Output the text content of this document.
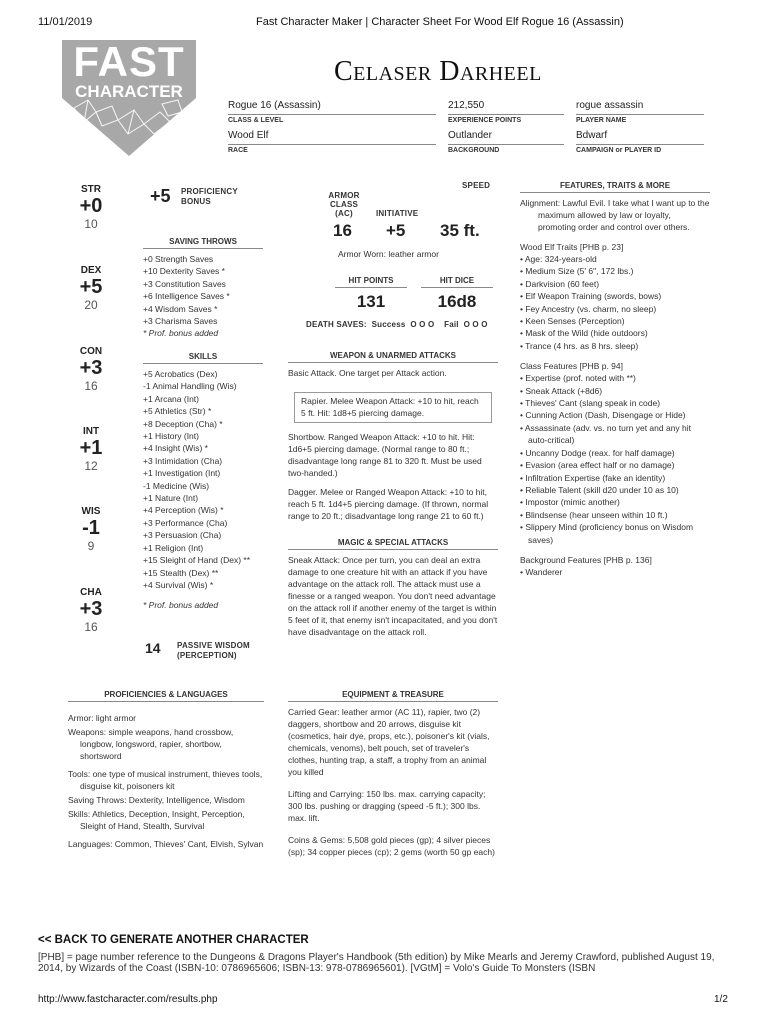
11/01/2019	Fast Character Maker | Character Sheet For Wood Elf Rogue 16 (Assassin)
FAST
CHARACTER
Celaser Darheel
Rogue 16 (Assassin)
CLASS & LEVEL
212,550
EXPERIENCE POINTS
rogue assassin
PLAYER NAME
Wood Elf
RACE
Outlander
BACKGROUND
Bdwarf
CAMPAIGN or PLAYER ID
STR
+0
10
DEX
+5
20
CON
+3
16
INT
+1
12
WIS
-1
9
CHA
+3
16
+5 PROFICIENCY
BONUS
SAVING THROWS
+0 Strength Saves
+10 Dexterity Saves *
+3 Constitution Saves
+6 Intelligence Saves *
+4 Wisdom Saves *
+3 Charisma Saves
* Prof. bonus added
SKILLS
+5 Acrobatics (Dex)
-1 Animal Handling (Wis)
+1 Arcana (Int)
+5 Athletics (Str) *
+8 Deception (Cha) *
+1 History (Int)
+4 Insight (Wis) *
+3 Intimidation (Cha)
+1 Investigation (Int)
-1 Medicine (Wis)
+1 Nature (Int)
+4 Perception (Wis) *
+3 Performance (Cha)
+3 Persuasion (Cha)
+1 Religion (Int)
+15 Sleight of Hand (Dex) **
+15 Stealth (Dex) **
+4 Survival (Wis) *
* Prof. bonus added
14 PASSIVE WISDOM
(PERCEPTION)
SPEED
ARMOR CLASS (AC)	INITIATIVE
16 +5 35 ft.
Armor Worn: leather armor
HIT POINTS
131
HIT DICE
16d8
DEATH SAVES:  Success  O O O    Fail  O O O
WEAPON & UNARMED ATTACKS
Basic Attack. One target per Attack action.
Rapier. Melee Weapon Attack: +10 to hit, reach 5 ft. Hit: 1d8+5 piercing damage.
Shortbow. Ranged Weapon Attack: +10 to hit. Hit: 1d6+5 piercing damage. (Normal range to 80 ft.; disadvantage long range 81 to 320 ft. Must be used two-handed.)
Dagger. Melee or Ranged Weapon Attack: +10 to hit, reach 5 ft. 1d4+5 piercing damage. (If thrown, normal range to 20 ft.; disadvantage long range 21 to 60 ft.)
MAGIC & SPECIAL ATTACKS
Sneak Attack: Once per turn, you can deal an extra damage to one creature hit with an attack if you have advantage on the attack roll. The attack must use a finesse or a ranged weapon. You don't need advantage on the attack roll if another enemy of the target is within 5 feet of it, that enemy isn't incapacitated, and you don't have disadvantage on the attack roll.
FEATURES, TRAITS & MORE
Alignment: Lawful Evil. I take what I want up to the maximum allowed by law or loyalty, promoting order and control over others.
Wood Elf Traits [PHB p. 23]
• Age: 324-years-old
• Medium Size (5' 6", 172 lbs.)
• Darkvision (60 feet)
• Elf Weapon Training (swords, bows)
• Fey Ancestry (vs. charm, no sleep)
• Keen Senses (Perception)
• Mask of the Wild (hide outdoors)
• Trance (4 hrs. as 8 hrs. sleep)
Class Features [PHB p. 94]
• Expertise (prof. noted with **)
• Sneak Attack (+8d6)
• Thieves' Cant (slang speak in code)
• Cunning Action (Dash, Disengage or Hide)
• Assassinate (adv. vs. no turn yet and any hit auto-critical)
• Uncanny Dodge (reax. for half damage)
• Evasion (area effect half or no damage)
• Infiltration Expertise (fake an identity)
• Reliable Talent (skill d20 under 10 as 10)
• Impostor (mimic another)
• Blindsense (hear unseen within 10 ft.)
• Slippery Mind (proficiency bonus on Wisdom saves)
Background Features [PHB p. 136]
• Wanderer
PROFICIENCIES & LANGUAGES
Armor: light armor
Weapons: simple weapons, hand crossbow, longbow, longsword, rapier, shortbow, shortsword
Tools: one type of musical instrument, thieves tools, disguise kit, poisoners kit
Saving Throws: Dexterity, Intelligence, Wisdom
Skills: Athletics, Deception, Insight, Perception, Sleight of Hand, Stealth, Survival
Languages: Common, Thieves' Cant, Elvish, Sylvan
EQUIPMENT & TREASURE
Carried Gear: leather armor (AC 11), rapier, two (2) daggers, shortbow and 20 arrows, disguise kit (cosmetics, hair dye, props, etc.), poisoner's kit (vials, chemicals, venoms), belt pouch, set of traveler's clothes, hunting trap, a staff, a trophy from an animal you killed
Lifting and Carrying: 150 lbs. max. carrying capacity; 300 lbs. pushing or dragging (speed -5 ft.); 300 lbs. max. lift.
Coins & Gems: 5,508 gold pieces (gp); 4 silver pieces (sp); 34 copper pieces (cp); 2 gems (worth 50 gp each)
<< BACK TO GENERATE ANOTHER CHARACTER
[PHB] = page number reference to the Dungeons & Dragons Player's Handbook (5th edition) by Mike Mearls and Jeremy Crawford, published August 19, 2014, by Wizards of the Coast (ISBN-10: 0786965606; ISBN-13: 978-0786965601). [VGtM] = Volo's Guide To Monsters (ISBN
http://www.fastcharacter.com/results.php	1/2
